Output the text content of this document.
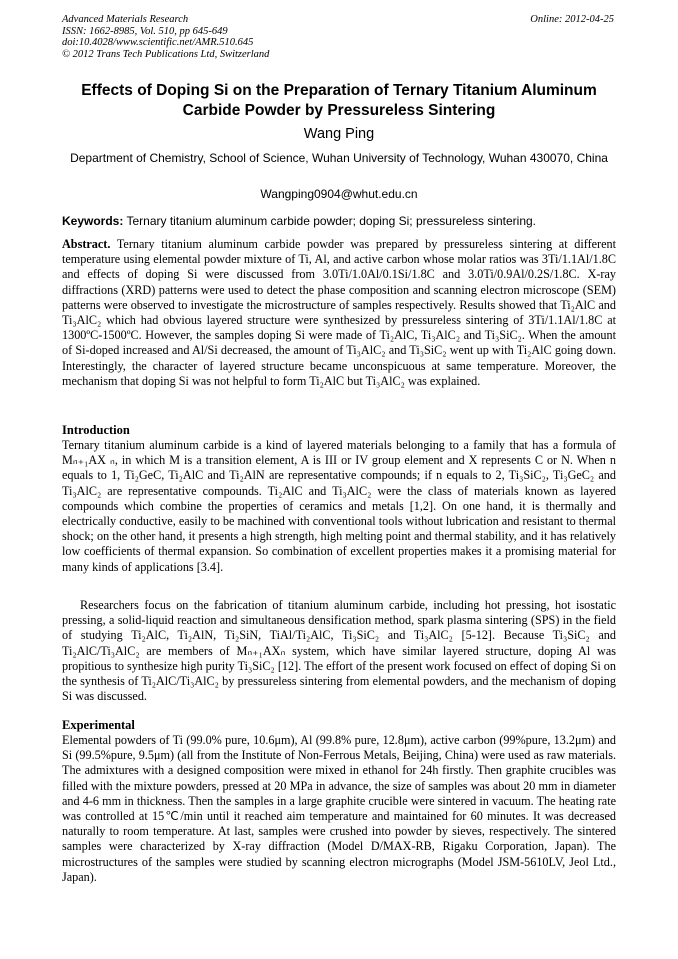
Advanced Materials Research
ISSN: 1662-8985, Vol. 510, pp 645-649
doi:10.4028/www.scientific.net/AMR.510.645
© 2012 Trans Tech Publications Ltd, Switzerland
Online: 2012-04-25
Effects of Doping Si on the Preparation of Ternary Titanium Aluminum Carbide Powder by Pressureless Sintering
Wang Ping
Department of Chemistry, School of Science, Wuhan University of Technology, Wuhan 430070, China
Wangping0904@whut.edu.cn
Keywords: Ternary titanium aluminum carbide powder; doping Si; pressureless sintering.

Abstract. Ternary titanium aluminum carbide powder was prepared by pressureless sintering at different temperature using elemental powder mixture of Ti, Al, and active carbon whose molar ratios was 3Ti/1.1Al/1.8C and effects of doping Si were discussed from 3.0Ti/1.0Al/0.1Si/1.8C and 3.0Ti/0.9Al/0.2S/1.8C. X-ray diffractions (XRD) patterns were used to detect the phase composition and scanning electron microscope (SEM) patterns were observed to investigate the microstructure of samples respectively. Results showed that Ti₂AlC and Ti₃AlC₂ which had obvious layered structure were synthesized by pressureless sintering of 3Ti/1.1Al/1.8C at 1300ºC-1500ºC. However, the samples doping Si were made of Ti₂AlC, Ti₃AlC₂ and Ti₃SiC₂. When the amount of Si-doped increased and Al/Si decreased, the amount of Ti₃AlC₂ and Ti₃SiC₂ went up with Ti₂AlC going down. Interestingly, the character of layered structure became unconspicuous at same temperature. Moreover, the mechanism that doping Si was not helpful to form Ti₂AlC but Ti₃AlC₂ was explained.

Introduction
Ternary titanium aluminum carbide is a kind of layered materials belonging to a family that has a formula of Mₙ₊₁AX ₙ, in which M is a transition element, A is III or IV group element and X represents C or N. When n equals to 1, Ti₂GeC, Ti₂AlC and Ti₂AlN are representative compounds; if n equals to 2, Ti₃SiC₂, Ti₃GeC₂ and Ti₃AlC₂ are representative compounds. Ti₂AlC and Ti₃AlC₂ were the class of materials known as layered compounds which combine the properties of ceramics and metals [1,2]. On one hand, it is thermally and electrically conductive, easily to be machined with conventional tools without lubrication and resistant to thermal shock; on the other hand, it presents a high strength, high melting point and thermal stability, and it has relatively low coefficients of thermal expansion. So combination of excellent properties makes it a promising material for many kinds of applications [3.4].
Researchers focus on the fabrication of titanium aluminum carbide, including hot pressing, hot isostatic pressing, a solid-liquid reaction and simultaneous densification method, spark plasma sintering (SPS) in the field of studying Ti₂AlC, Ti₂AlN, Ti₂SiN, TiAl/Ti₂AlC, Ti₃SiC₂ and Ti₃AlC₂ [5-12]. Because Ti₃SiC₂ and Ti₂AlC/Ti₃AlC₂ are members of Mₙ₊₁AXₙ system, which have similar layered structure, doping Al was propitious to synthesize high purity Ti₃SiC₂ [12]. The effort of the present work focused on effect of doping Si on the synthesis of Ti₂AlC/Ti₃AlC₂ by pressureless sintering from elemental powders, and the mechanism of doping Si was discussed.
Experimental
Elemental powders of Ti (99.0% pure, 10.6μm), Al (99.8% pure, 12.8μm), active carbon (99%pure, 13.2μm) and Si (99.5%pure, 9.5μm) (all from the Institute of Non-Ferrous Metals, Beijing, China) were used as raw materials. The admixtures with a designed composition were mixed in ethanol for 24h firstly. Then graphite crucibles was filled with the mixture powders, pressed at 20 MPa in advance, the size of samples was about 20 mm in diameter and 4-6 mm in thickness. Then the samples in a large graphite crucible were sintered in vacuum. The heating rate was controlled at 15℃/min until it reached aim temperature and maintained for 60 minutes. It was decreased naturally to room temperature. At last, samples were crushed into powder by sieves, respectively. The sintered samples were characterized by X-ray diffraction (Model D/MAX-RB, Rigaku Corporation, Japan). The microstructures of the samples were studied by scanning electron micrographs (Model JSM-5610LV, Jeol Ltd., Japan).
